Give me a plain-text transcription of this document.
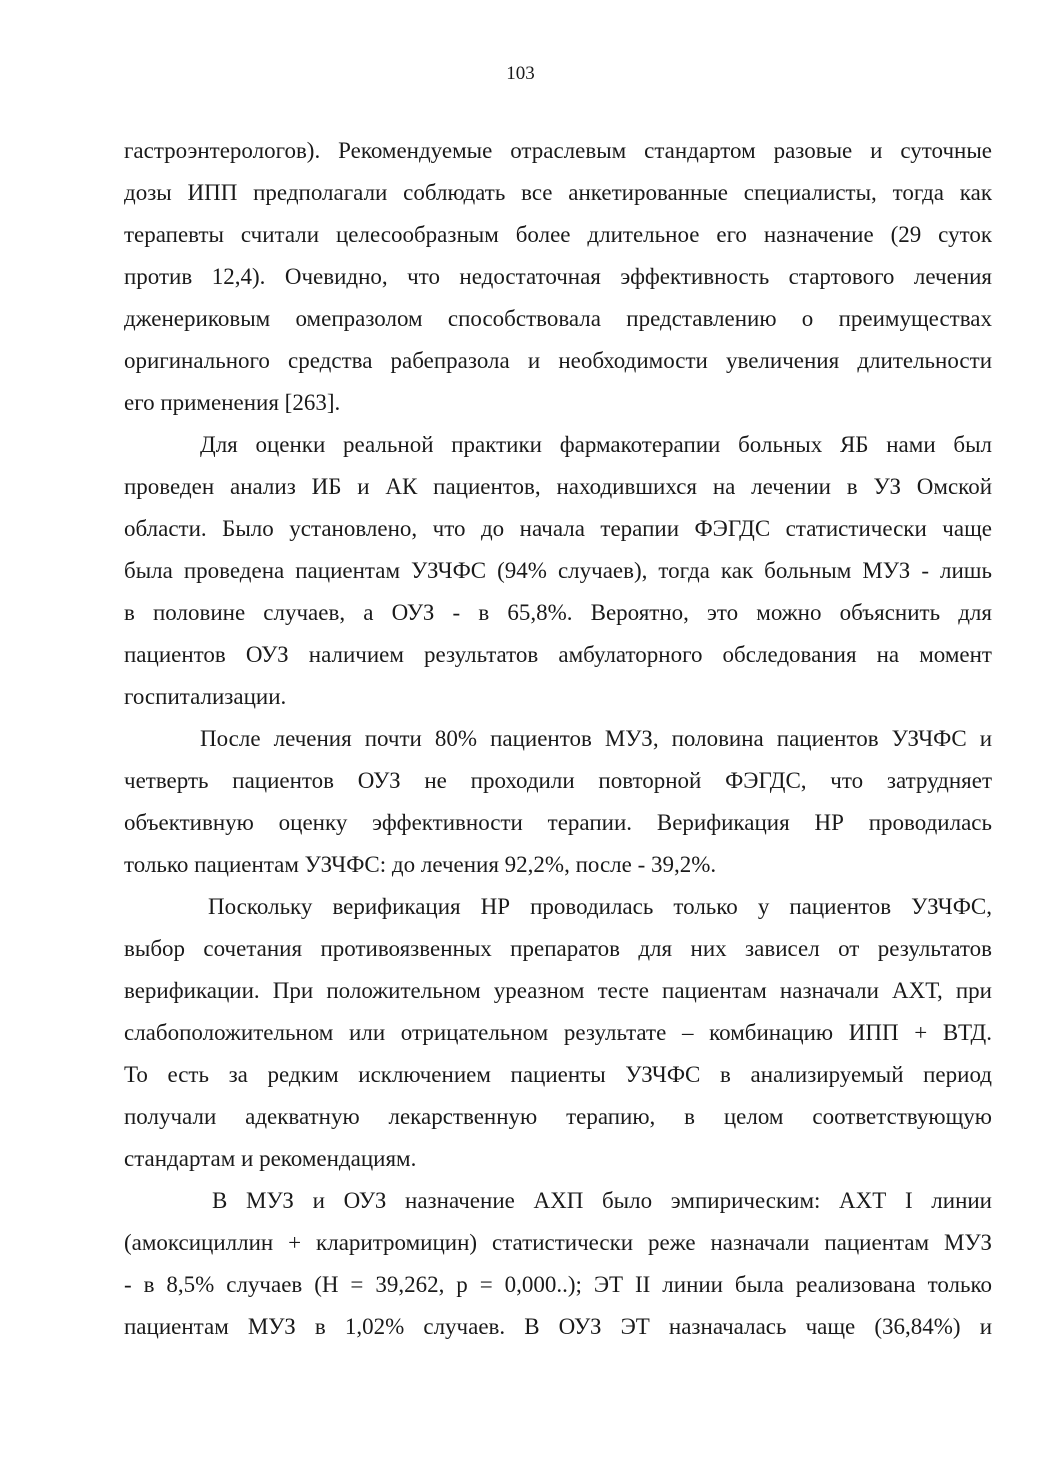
103
гастроэнтерологов). Рекомендуемые отраслевым стандартом разовые и суточные
дозы ИПП предполагали соблюдать все анкетированные специалисты, тогда как
терапевты считали целесообразным более длительное его назначение (29 суток
против 12,4). Очевидно, что недостаточная эффективность стартового лечения
дженериковым омепразолом способствовала представлению о преимуществах
оригинального средства рабепразола и необходимости увеличения длительности
его применения [263].
Для оценки реальной практики фармакотерапии больных ЯБ нами был
проведен анализ ИБ и АК пациентов, находившихся на лечении в УЗ Омской
области. Было установлено, что до начала терапии ФЭГДС статистически чаще
была проведена пациентам УЗЧФС (94% случаев), тогда как больным МУЗ - лишь
в половине случаев, а ОУЗ - в 65,8%. Вероятно, это можно объяснить для
пациентов ОУЗ наличием результатов амбулаторного обследования на момент
госпитализации.
После лечения почти 80% пациентов МУЗ, половина пациентов УЗЧФС и
четверть пациентов ОУЗ не проходили повторной ФЭГДС, что затрудняет
объективную оценку эффективности терапии. Верификация НР проводилась
только пациентам УЗЧФС: до лечения 92,2%, после - 39,2%.
Поскольку верификация НР проводилась только у пациентов УЗЧФС,
выбор сочетания противоязвенных препаратов для них зависел от результатов
верификации. При положительном уреазном тесте пациентам назначали АХТ, при
слабоположительном или отрицательном результате – комбинацию ИПП + ВТД.
То есть за редким исключением пациенты УЗЧФС в анализируемый период
получали адекватную лекарственную терапию, в целом соответствующую
стандартам и рекомендациям.
В МУЗ и ОУЗ назначение АХП было эмпирическим: АХТ I линии
(амоксициллин + кларитромицин) статистически реже назначали пациентам МУЗ
- в 8,5% случаев (Н = 39,262, р = 0,000..); ЭТ II линии была реализована только
пациентам МУЗ в 1,02% случаев. В ОУЗ ЭТ назначалась чаще (36,84%) и
